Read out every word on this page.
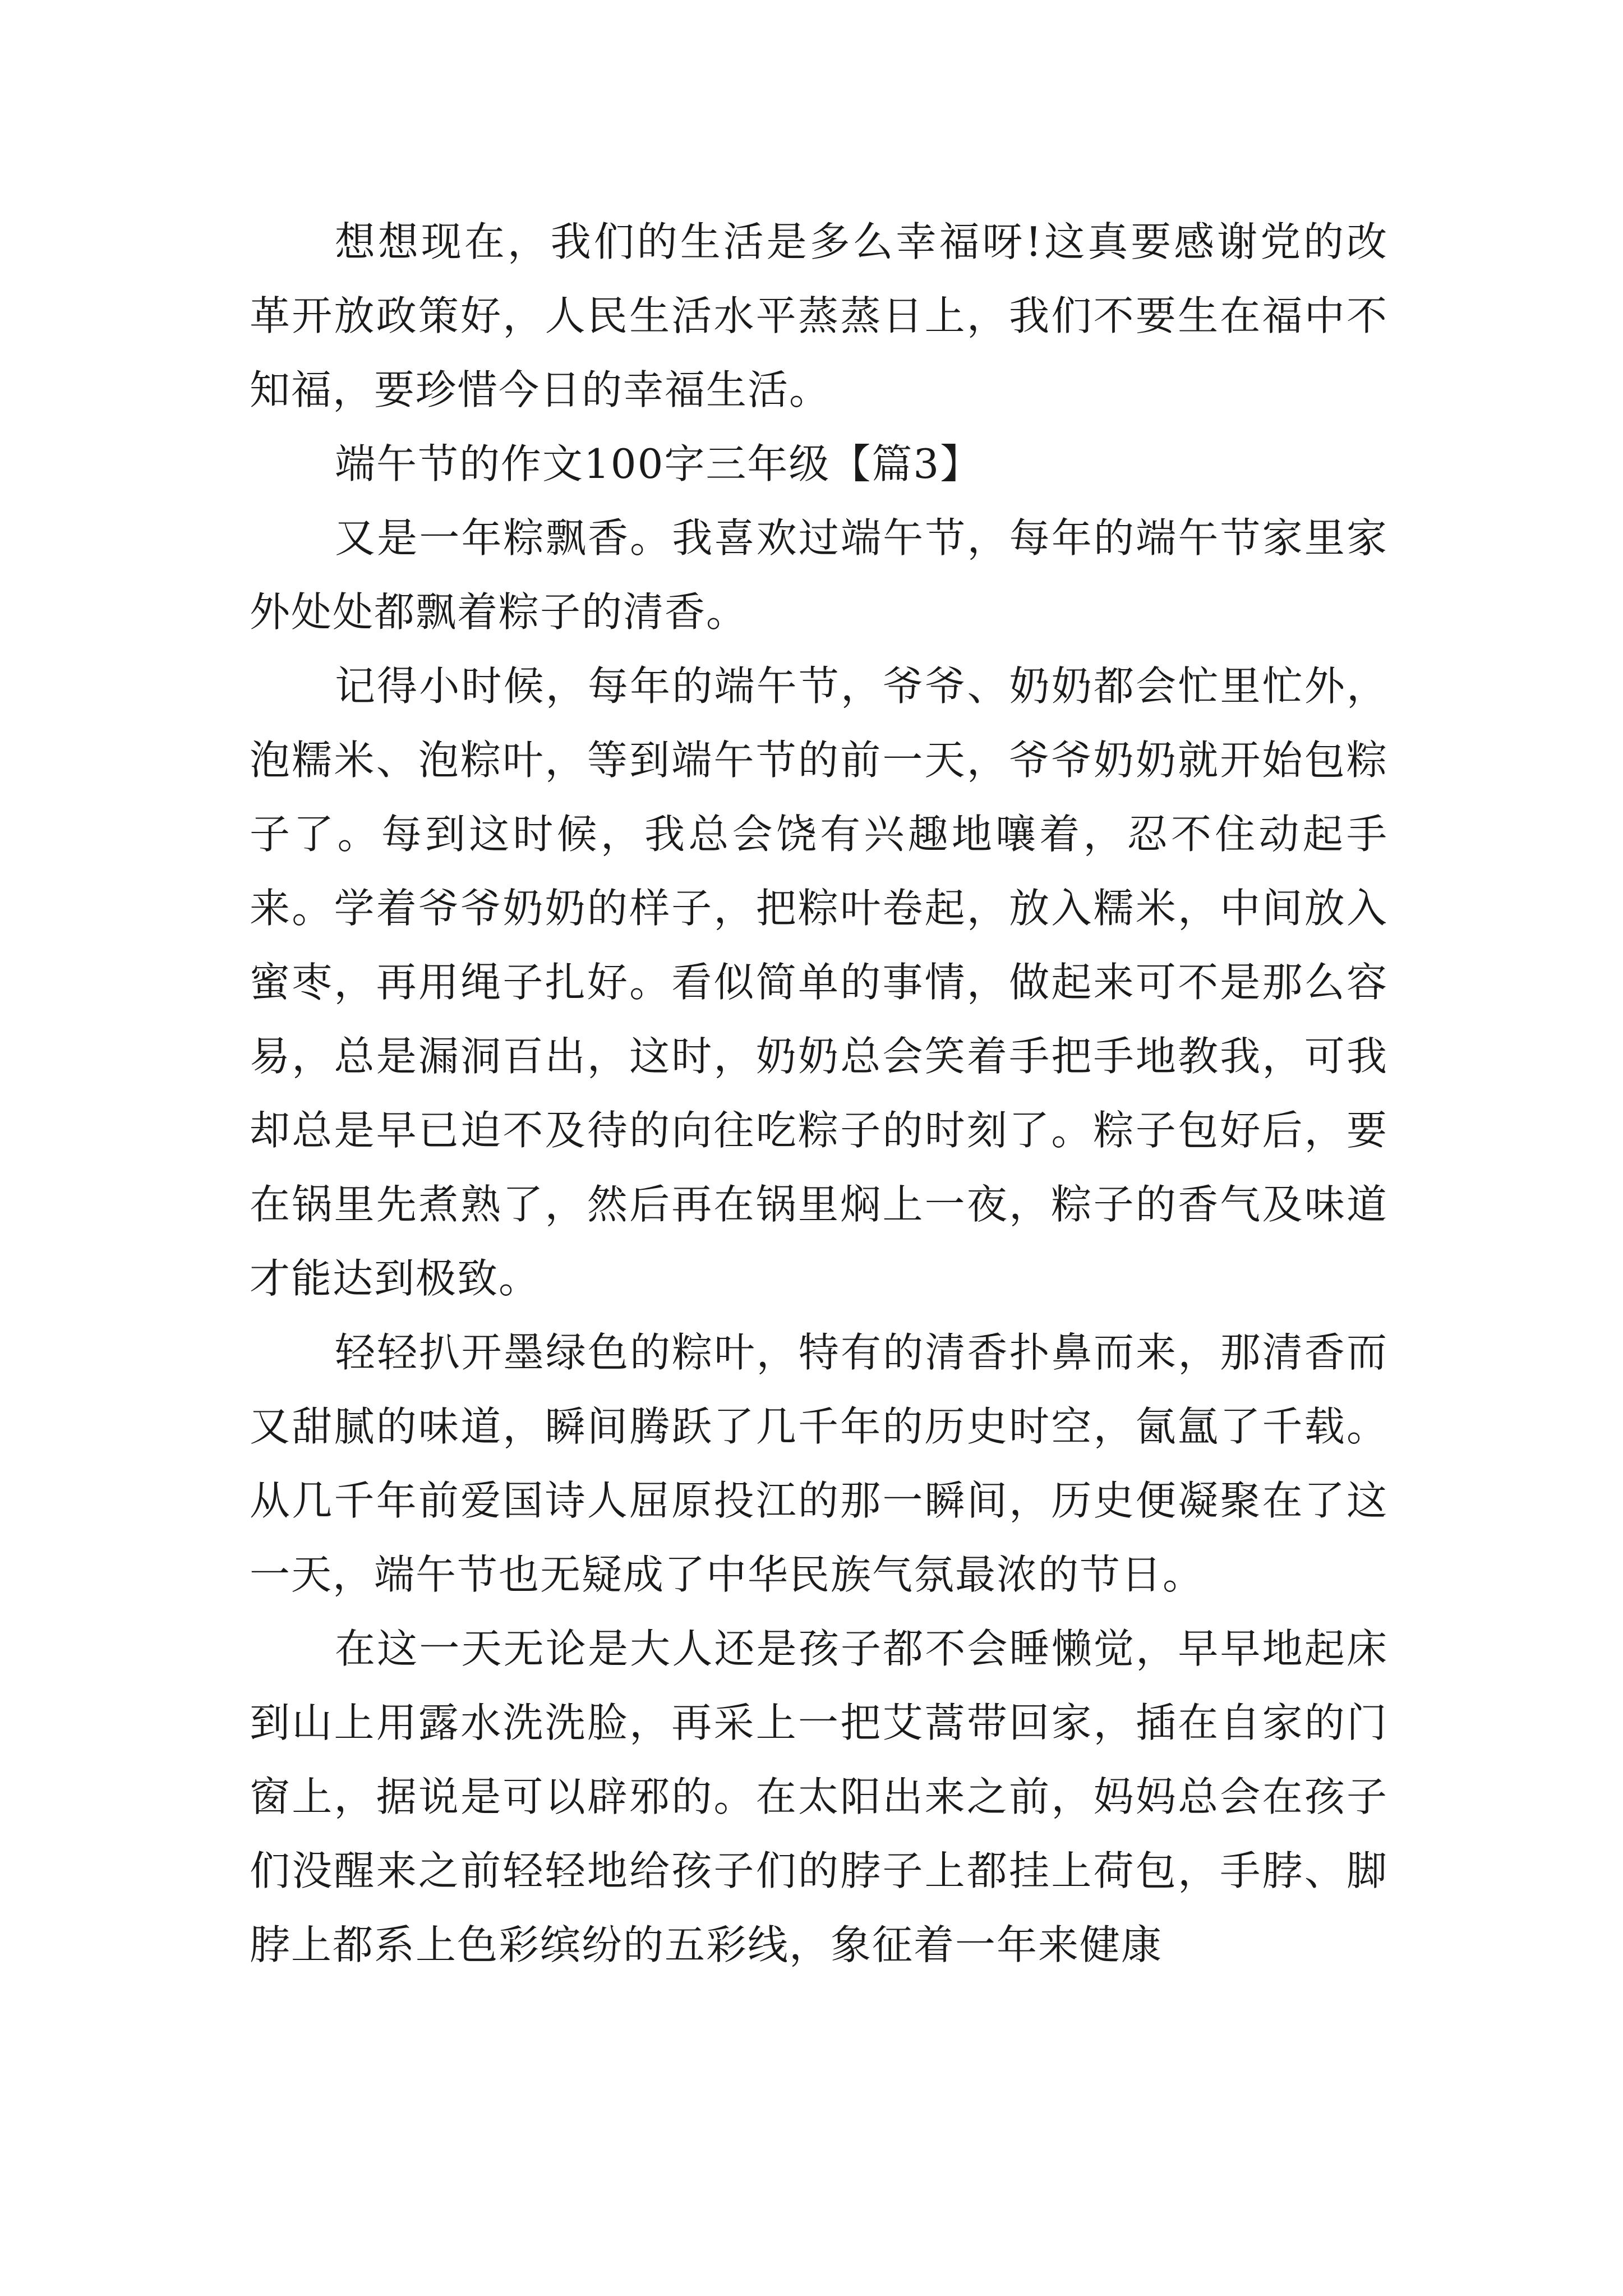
想想现在，我们的生活是多么幸福呀!这真要感谢党的改革开放政策好，人民生活水平蒸蒸日上，我们不要生在福中不知福，要珍惜今日的幸福生活。

端午节的作文100字三年级【篇3】

又是一年粽飘香。我喜欢过端午节，每年的端午节家里家外处处都飘着粽子的清香。

记得小时候，每年的端午节，爷爷、奶奶都会忙里忙外，泡糯米、泡粽叶，等到端午节的前一天，爷爷奶奶就开始包粽子了。每到这时候，我总会饶有兴趣地嚷着，忍不住动起手来。学着爷爷奶奶的样子，把粽叶卷起，放入糯米，中间放入蜜枣，再用绳子扎好。看似简单的事情，做起来可不是那么容易，总是漏洞百出，这时，奶奶总会笑着手把手地教我，可我却总是早已迫不及待的向往吃粽子的时刻了。粽子包好后，要在锅里先煮熟了，然后再在锅里焖上一夜，粽子的香气及味道才能达到极致。

轻轻扒开墨绿色的粽叶，特有的清香扑鼻而来，那清香而又甜腻的味道，瞬间腾跃了几千年的历史时空，氤氲了千载。从几千年前爱国诗人屈原投江的那一瞬间，历史便凝聚在了这一天，端午节也无疑成了中华民族气氛最浓的节日。

在这一天无论是大人还是孩子都不会睡懒觉，早早地起床到山上用露水洗洗脸，再采上一把艾蒿带回家，插在自家的门窗上，据说是可以辟邪的。在太阳出来之前，妈妈总会在孩子们没醒来之前轻轻地给孩子们的脖子上都挂上荷包，手脖、脚脖上都系上色彩缤纷的五彩线，象征着一年来健康
